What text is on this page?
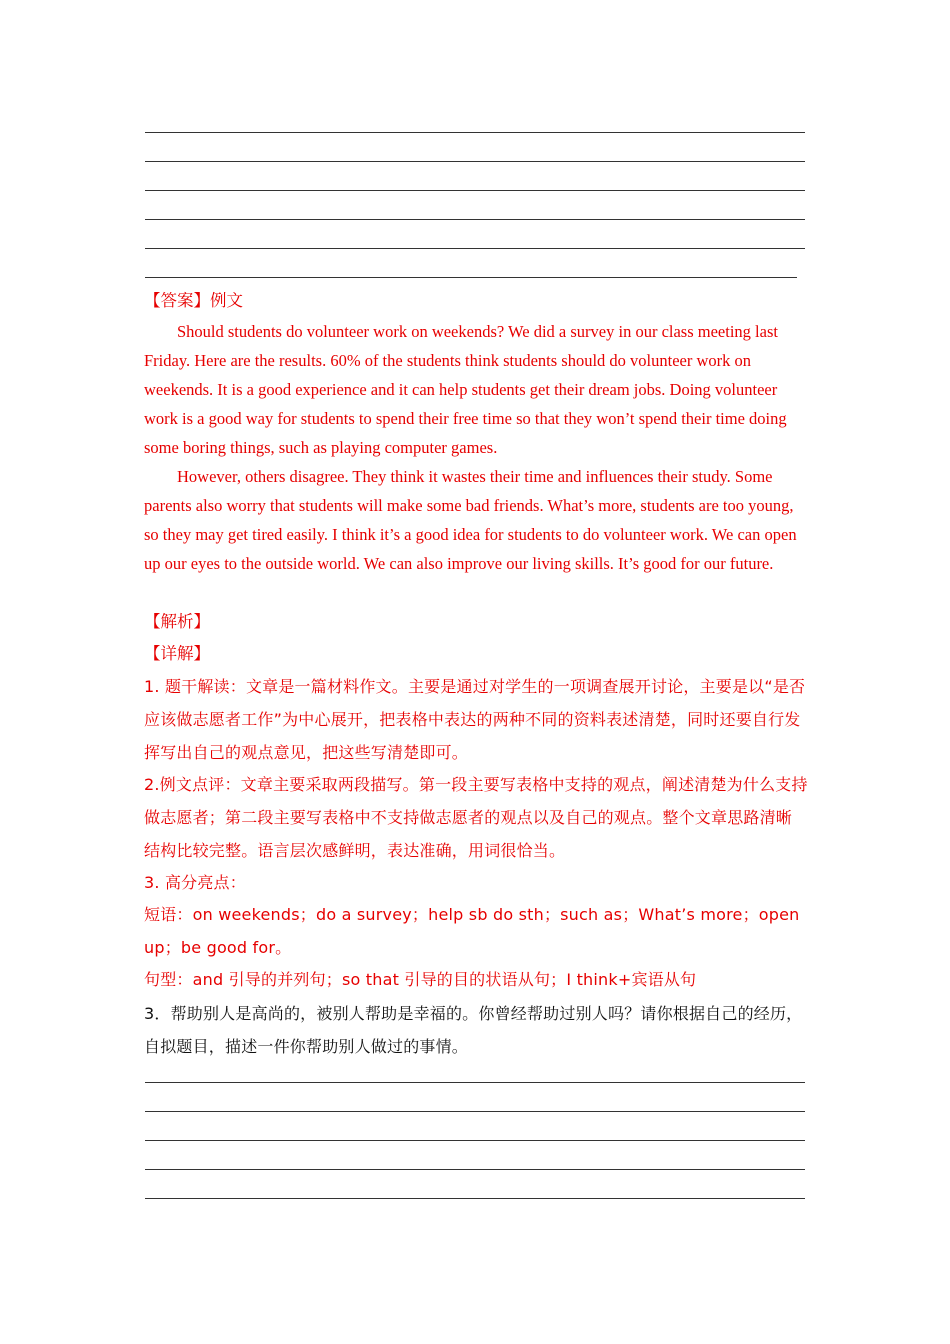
【答案】例文

Should students do volunteer work on weekends? We did a survey in our class meeting last Friday. Here are the results. 60% of the students think students should do volunteer work on weekends. It is a good experience and it can help students get their dream jobs. Doing volunteer work is a good way for students to spend their free time so that they won’t spend their time doing some boring things, such as playing computer games.

However, others disagree. They think it wastes their time and influences their study. Some parents also worry that students will make some bad friends. What’s more, students are too young, so they may get tired easily. I think it’s a good idea for students to do volunteer work. We can open up our eyes to the outside world. We can also improve our living skills. It’s good for our future.

【解析】

【详解】

1. 题干解读：文章是一篇材料作文。主要是通过对学生的一项调查展开讨论，主要是以“是否应该做志愿者工作”为中心展开，把表格中表达的两种不同的资料表述清楚，同时还要自行发挥写出自己的观点意见，把这些写清楚即可。

2.例文点评：文章主要采取两段描写。第一段主要写表格中支持的观点，阐述清楚为什么支持做志愿者；第二段主要写表格中不支持做志愿者的观点以及自己的观点。整个文章思路清晰结构比较完整。语言层次感鲜明，表达准确，用词很恰当。

3. 高分亮点：

短语：on weekends；do a survey；help sb do sth；such as；What’s more；open up；be good for。

句型：and 引导的并列句；so that 引导的目的状语从句；I think+宾语从句

3．帮助别人是高尚的，被别人帮助是幸福的。你曾经帮助过别人吗？请你根据自己的经历，自拟题目，描述一件你帮助别人做过的事情。
